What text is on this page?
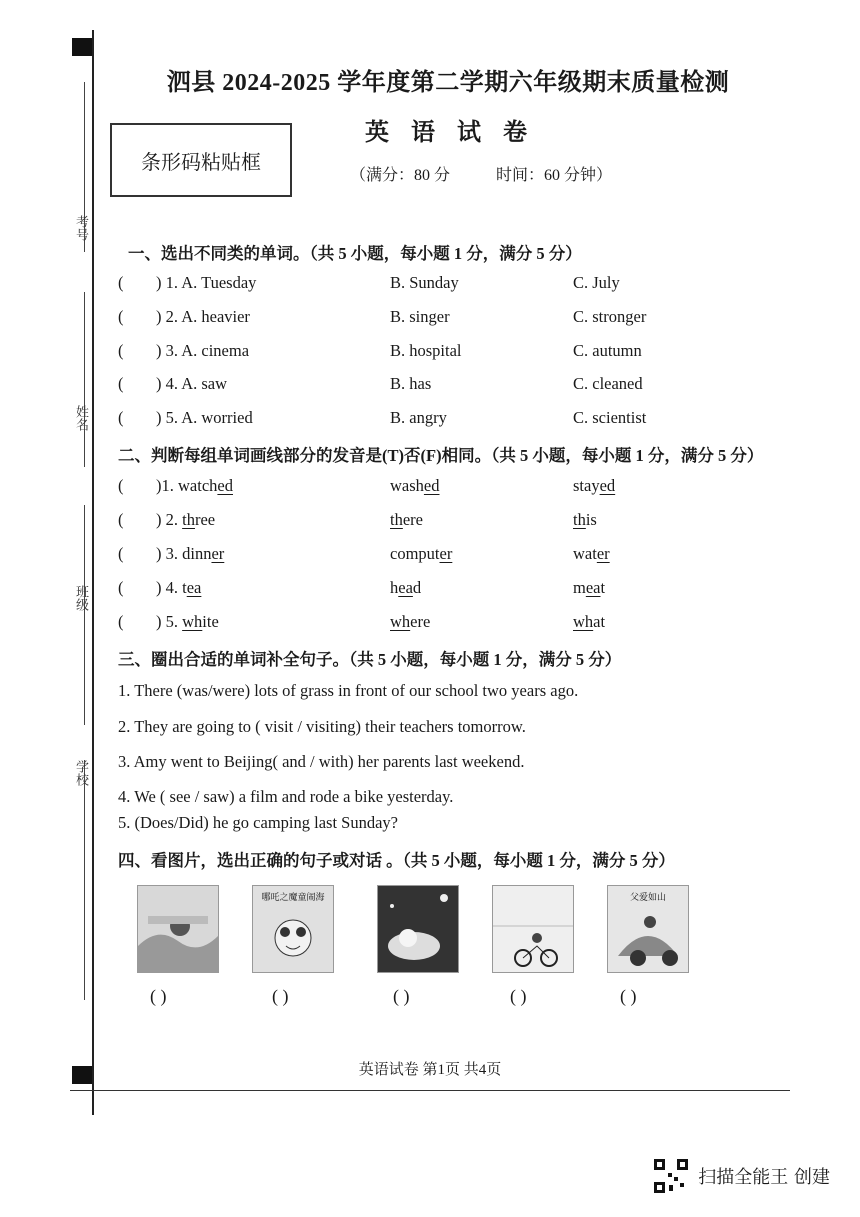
考号
姓名
班级
学校
泗县 2024-2025 学年度第二学期六年级期末质量检测
英 语 试 卷
条形码粘贴框
（满分：80 分	时间：60 分钟）
一、选出不同类的单词。（共 5 小题，每小题 1 分，满分 5 分）
( ) 1. A. Tuesday	B. Sunday	C. July
( ) 2. A. heavier	B. singer	C. stronger
( ) 3. A. cinema	B. hospital	C. autumn
( ) 4. A. saw	B. has	C. cleaned
( ) 5. A. worried	B. angry	C. scientist
二、判断每组单词画线部分的发音是(T)否(F)相同。（共 5 小题，每小题 1 分，满分 5 分）
( )1. watched	washed	stayed
( ) 2. three	there	this
( ) 3. dinner	computer	water
( ) 4. tea	head	meat
( ) 5. white	where	what
三、圈出合适的单词补全句子。（共 5 小题，每小题 1 分，满分 5 分）
1. There (was/were) lots of grass in front of our school two years ago.
2. They are going to ( visit / visiting) their teachers tomorrow.
3. Amy went to Beijing( and / with) her parents last weekend.
4. We ( see / saw) a film and rode a bike yesterday.
5. (Does/Did) he go camping last Sunday?
四、看图片，选出正确的句子或对话 。（共 5 小题，每小题 1 分，满分 5 分）
哪吒之魔童闹海	父爱如山
( )	( )	( )	( )	( )
英语试卷 第1页 共4页
扫描全能王 创建
